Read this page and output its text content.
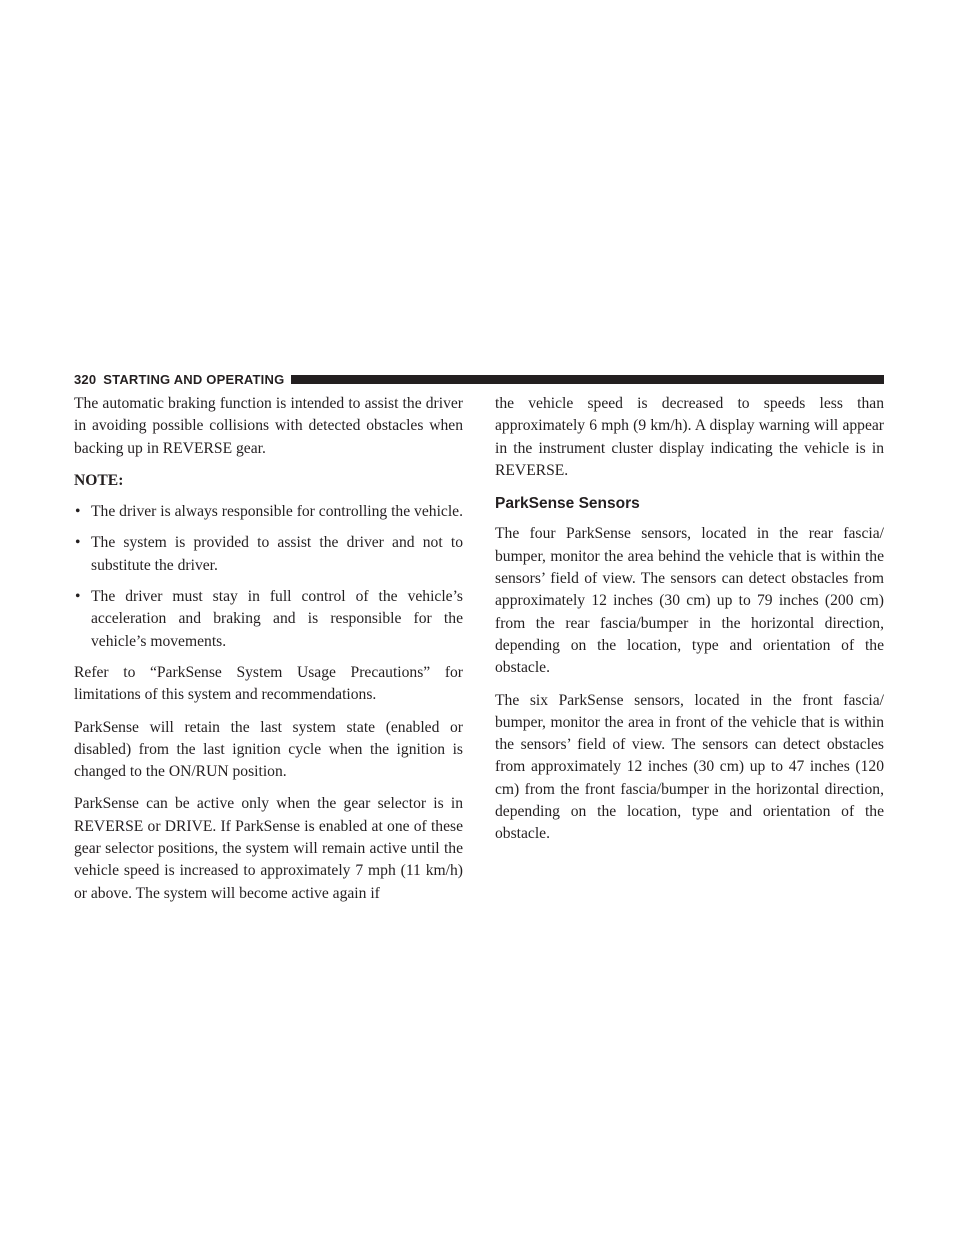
320 STARTING AND OPERATING

The automatic braking function is intended to assist the driver in avoiding possible collisions with detected obstacles when backing up in REVERSE gear.

NOTE:
• The driver is always responsible for controlling the vehicle.
• The system is provided to assist the driver and not to substitute the driver.
• The driver must stay in full control of the vehicle’s acceleration and braking and is responsible for the vehicle’s movements.

Refer to “ParkSense System Usage Precautions” for limitations of this system and recommendations.

ParkSense will retain the last system state (enabled or disabled) from the last ignition cycle when the ignition is changed to the ON/RUN position.

ParkSense can be active only when the gear selector is in REVERSE or DRIVE. If ParkSense is enabled at one of these gear selector positions, the system will remain active until the vehicle speed is increased to approximately 7 mph (11 km/h) or above. The system will become active again if

the vehicle speed is decreased to speeds less than approximately 6 mph (9 km/h). A display warning will appear in the instrument cluster display indicating the vehicle is in REVERSE.

ParkSense Sensors

The four ParkSense sensors, located in the rear fascia/ bumper, monitor the area behind the vehicle that is within the sensors’ field of view. The sensors can detect obstacles from approximately 12 inches (30 cm) up to 79 inches (200 cm) from the rear fascia/bumper in the horizontal direction, depending on the location, type and orientation of the obstacle.

The six ParkSense sensors, located in the front fascia/ bumper, monitor the area in front of the vehicle that is within the sensors’ field of view. The sensors can detect obstacles from approximately 12 inches (30 cm) up to 47 inches (120 cm) from the front fascia/bumper in the horizontal direction, depending on the location, type and orientation of the obstacle.
